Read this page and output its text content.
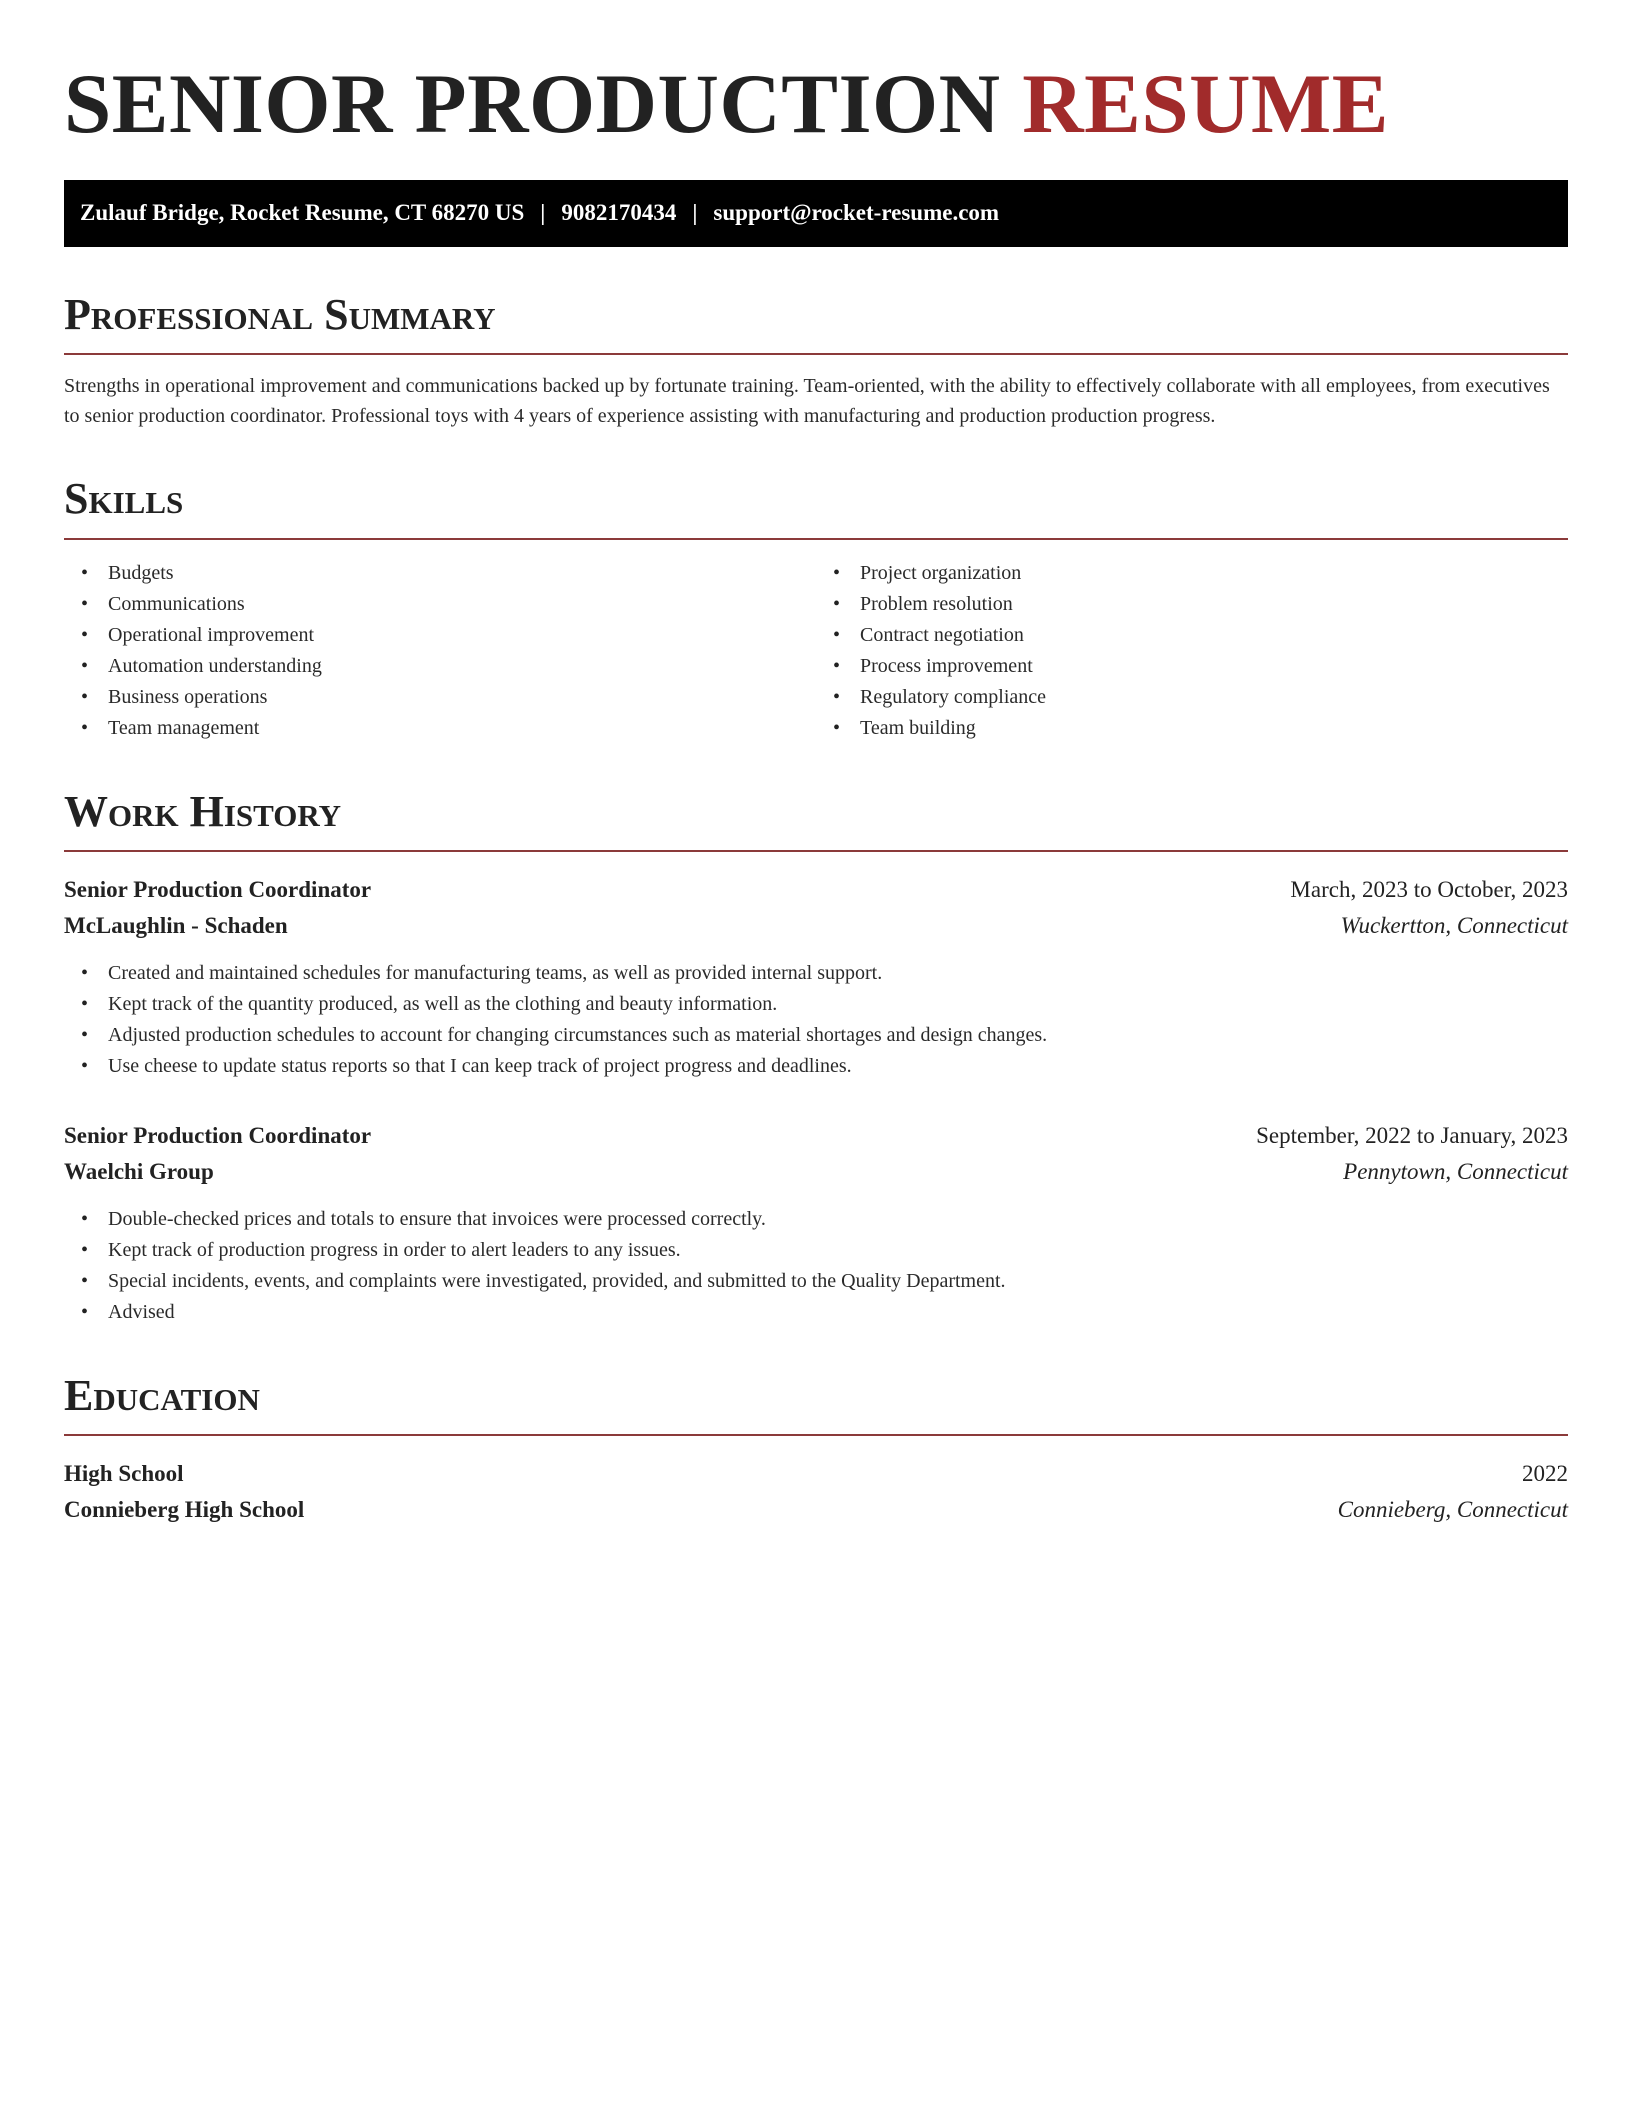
SENIOR PRODUCTION RESUME
Zulauf Bridge, Rocket Resume, CT 68270 US | 9082170434 | support@rocket-resume.com
Professional Summary

Strengths in operational improvement and communications backed up by fortunate training. Team-oriented, with the ability to effectively collaborate with all employees, from executives to senior production coordinator. Professional toys with 4 years of experience assisting with manufacturing and production production progress.

Skills
• Budgets
• Communications
• Operational improvement
• Automation understanding
• Business operations
• Team management
• Project organization
• Problem resolution
• Contract negotiation
• Process improvement
• Regulatory compliance
• Team building
Work History
Senior Production Coordinator	March, 2023 to October, 2023
McLaughlin - Schaden	Wuckertton, Connecticut
• Created and maintained schedules for manufacturing teams, as well as provided internal support.
• Kept track of the quantity produced, as well as the clothing and beauty information.
• Adjusted production schedules to account for changing circumstances such as material shortages and design changes.
• Use cheese to update status reports so that I can keep track of project progress and deadlines.
Senior Production Coordinator	September, 2022 to January, 2023
Waelchi Group	Pennytown, Connecticut
• Double-checked prices and totals to ensure that invoices were processed correctly.
• Kept track of production progress in order to alert leaders to any issues.
• Special incidents, events, and complaints were investigated, provided, and submitted to the Quality Department.
• Advised
Education
High School	2022
Connieberg High School	Connieberg, Connecticut
